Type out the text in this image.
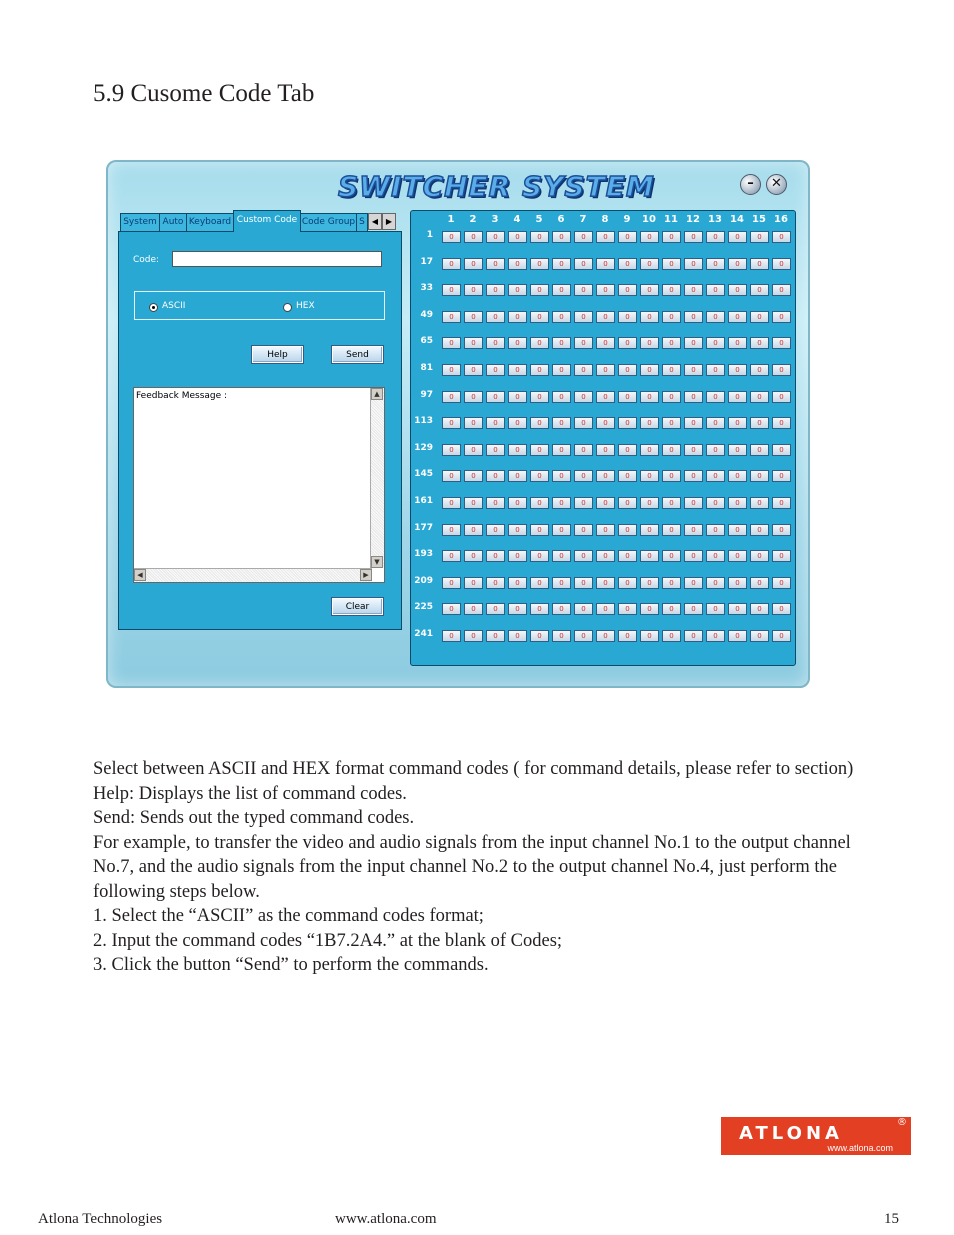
5.9 Cusome Code Tab
SWITCHER SYSTEM	–	✕
System Auto Keyboard Custom Code Code Group S ◀ ▶
Code:
ASCII	HEX
Help	Send
Feedback Message :	▲
▼
◀	▶
Clear
1	2	3	4	5	6	7	8	9	10 11 12 13 14 15 16
1	0	0	0	0	0	0	0	0	0	0	0	0	0	0	0	0
17	0	0	0	0	0	0	0	0	0	0	0	0	0	0	0	0
33	0	0	0	0	0	0	0	0	0	0	0	0	0	0	0	0
49	0	0	0	0	0	0	0	0	0	0	0	0	0	0	0	0
65	0	0	0	0	0	0	0	0	0	0	0	0	0	0	0	0
81	0	0	0	0	0	0	0	0	0	0	0	0	0	0	0	0
97	0	0	0	0	0	0	0	0	0	0	0	0	0	0	0	0
113	0	0	0	0	0	0	0	0	0	0	0	0	0	0	0	0
129	0	0	0	0	0	0	0	0	0	0	0	0	0	0	0	0
145	0	0	0	0	0	0	0	0	0	0	0	0	0	0	0	0
161	0	0	0	0	0	0	0	0	0	0	0	0	0	0	0	0
177	0	0	0	0	0	0	0	0	0	0	0	0	0	0	0	0
193	0	0	0	0	0	0	0	0	0	0	0	0	0	0	0	0
209	0	0	0	0	0	0	0	0	0	0	0	0	0	0	0	0
225	0	0	0	0	0	0	0	0	0	0	0	0	0	0	0	0
241	0	0	0	0	0	0	0	0	0	0	0	0	0	0	0	0

Select between ASCII and HEX format command codes ( for command details, please refer to section)

Help: Displays the list of command codes.

Send: Sends out the typed command codes.

For example, to transfer the video and audio signals from the input channel No.1 to the output channel No.7, and the audio signals from the input channel No.2 to the output channel No.4, just perform the following steps below.

1. Select the “ASCII” as the command codes format;

2. Input the command codes “1B7.2A4.” at the blank of Codes;

3. Click the button “Send” to perform the commands.

ATLONA
®
www.atlona.com
Atlona Technologies	www.atlona.com	15
